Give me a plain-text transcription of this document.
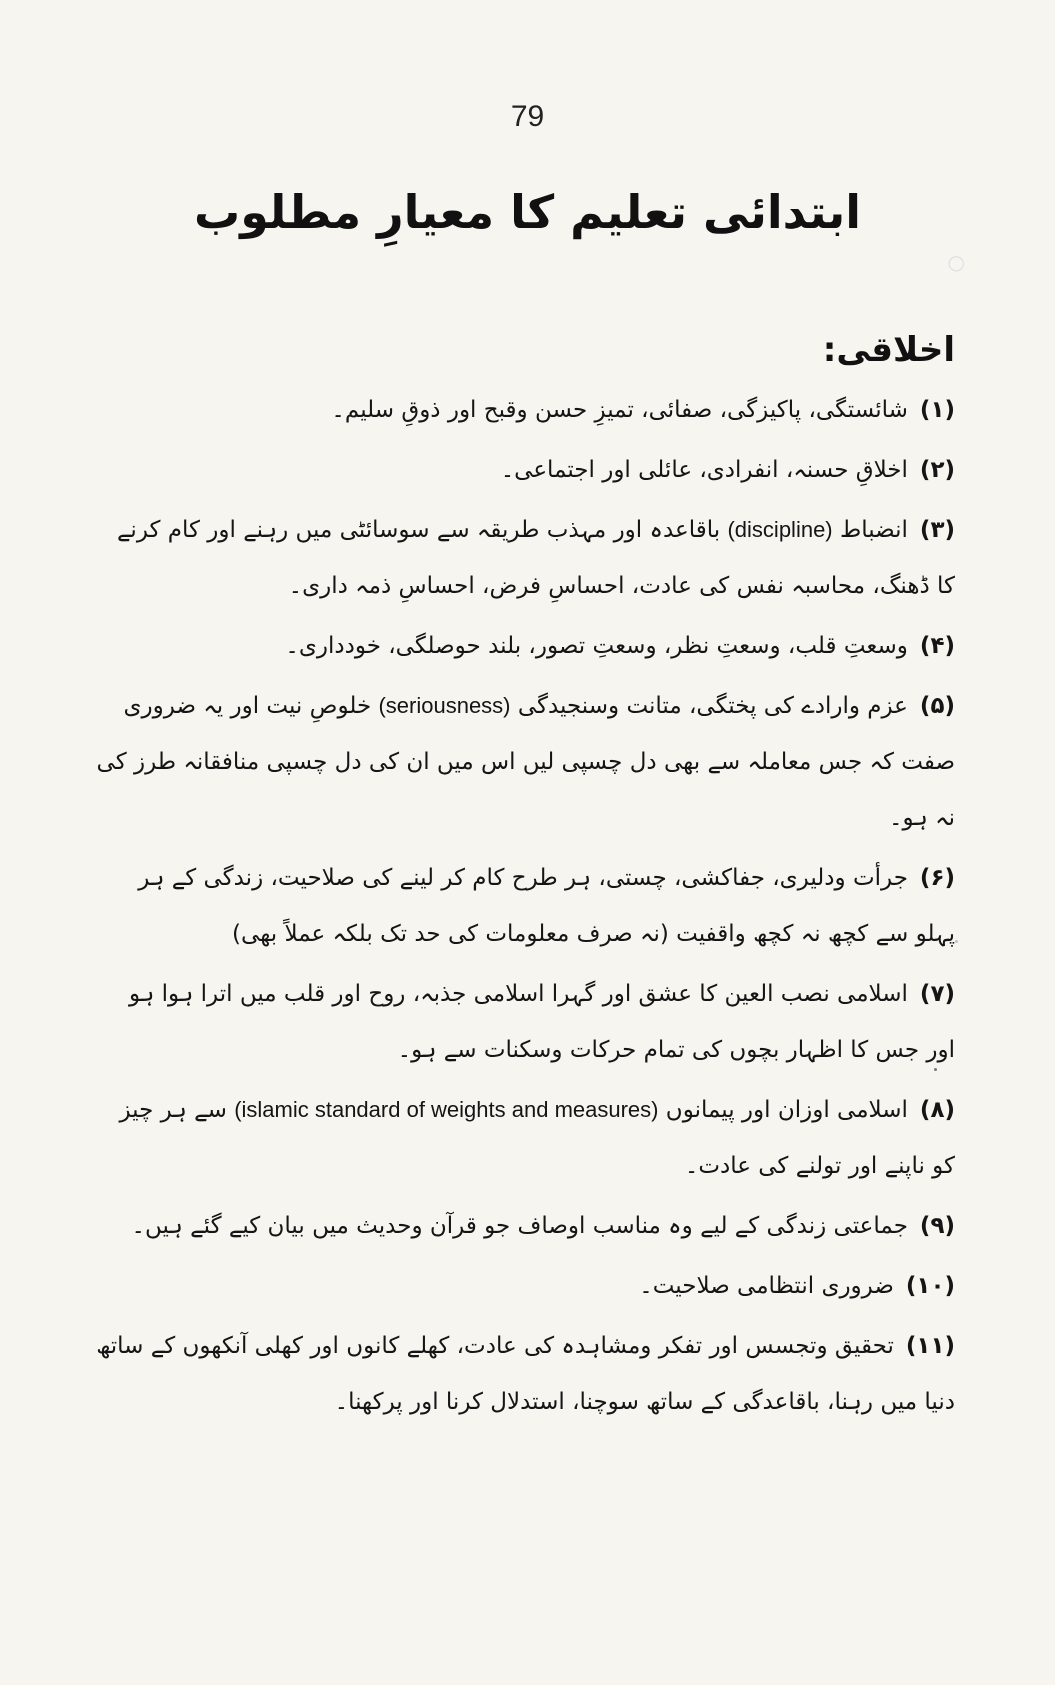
○                   
79
ابتدائی تعلیم کا معیارِ مطلوب
اخلاقی:

(۱)شائستگی، پاکیزگی، صفائی، تمیزِ حسن وقبح اور ذوقِ سلیم۔

(۲)اخلاقِ حسنہ، انفرادی، عائلی اور اجتماعی۔

(۳)انضباط (discipline) باقاعدہ اور مہذب طریقہ سے سوسائٹی میں رہنے اور کام کرنے کا ڈھنگ، محاسبہ نفس کی عادت، احساسِ فرض، احساسِ ذمہ داری۔

(۴)وسعتِ قلب، وسعتِ نظر، وسعتِ تصور، بلند حوصلگی، خودداری۔

(۵)عزم وارادے کی پختگی، متانت وسنجیدگی (seriousness) خلوصِ نیت اور یہ ضروری صفت کہ جس معاملہ سے بھی دل چسپی لیں اس میں ان کی دل چسپی منافقانہ طرز کی نہ ہو۔

(۶)جرأت ودلیری، جفاکشی، چستی، ہر طرح کام کر لینے کی صلاحیت، زندگی کے ہر پہلو سے کچھ نہ کچھ واقفیت (نہ صرف معلومات کی حد تک بلکہ عملاً بھی)

(۷)اسلامی نصب العین کا عشق اور گہرا اسلامی جذبہ، روح اور قلب میں اترا ہوا ہو اور جس کا اظہار بچوں کی تمام حرکات وسکنات سے ہو۔

(۸)اسلامی اوزان اور پیمانوں (islamic standard of weights and measures) سے ہر چیز کو ناپنے اور تولنے کی عادت۔

(۹)جماعتی زندگی کے لیے وہ مناسب اوصاف جو قرآن وحدیث میں بیان کیے گئے ہیں۔

(۱۰)ضروری انتظامی صلاحیت۔

(۱۱)تحقیق وتجسس اور تفکر ومشاہدہ کی عادت، کھلے کانوں اور کھلی آنکھوں کے ساتھ دنیا میں رہنا، باقاعدگی کے ساتھ سوچنا، استدلال کرنا اور پرکھنا۔
